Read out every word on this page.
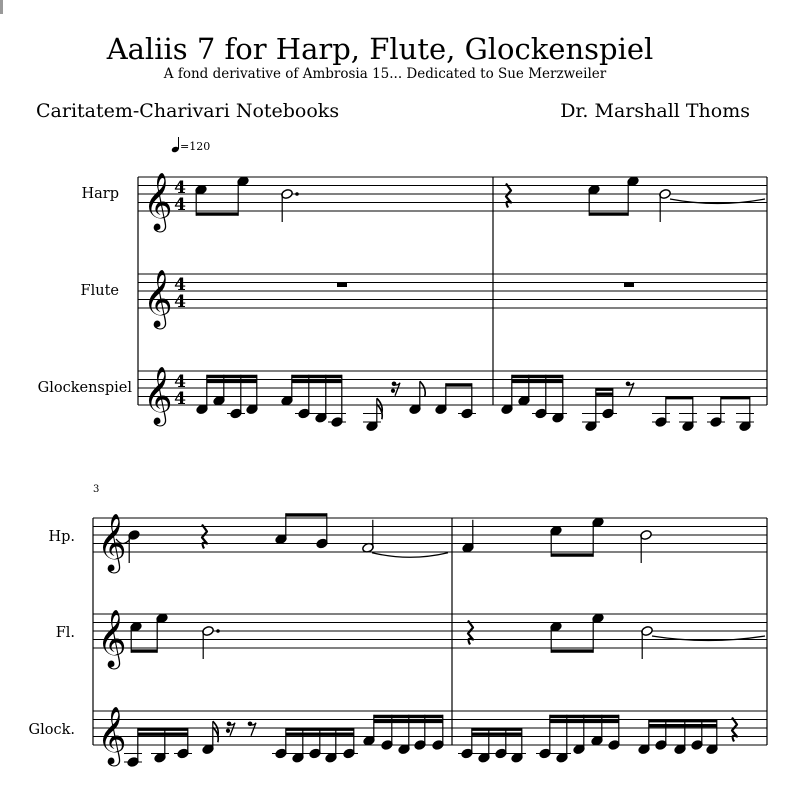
Aaliis 7 for Harp, Flute, Glockenspiel
A fond derivative of Ambrosia 15... Dedicated to Sue Merzweiler
Caritatem-Charivari Notebooks	Dr. Marshall Thoms
=120
3
Harp
Flute
Glockenspiel
Hp.
Fl.
Glock.
𝄞 4
4
𝄞 4
4
𝄞 4
4
𝄞
𝄞
𝄞
